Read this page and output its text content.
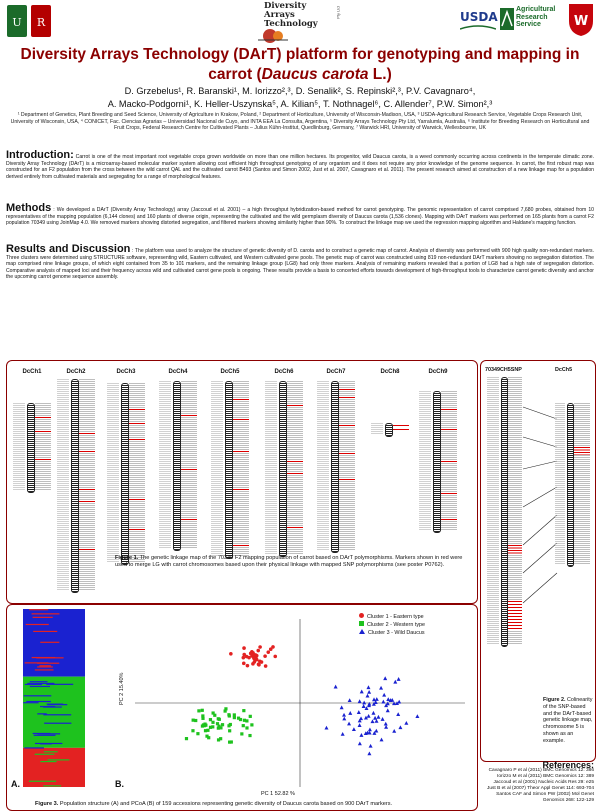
U R
Diversity
Arrays
Technology
Pty Ltd	USDA
Agricultural
Research
Service	W
Diversity Arrays Technology (DArT) platform for genotyping and mapping in
carrot (Daucus carota L.)
D. Grzebelus¹, R. Baranski¹, M. Iorizzo²,³, D. Senalik², S. Repinski²,³, P.V. Cavagnaro⁴,
A. Macko-Podgorni¹, K. Heller-Uszynska⁵, A. Kilian⁵, T. Nothnagel⁶, C. Allender⁷, P.W. Simon²,³
¹ Department of Genetics, Plant Breeding and Seed Science, University of Agriculture in Krakow, Poland, ² Department of Horticulture, University of Wisconsin-Madison, USA, ³ USDA-Agricultural Research Service, Vegetable Crops Research Unit, University of Wisconsin, USA, ⁴ CONICET, Fac. Ciencias Agrarias – Universidad Nacional de Cuyo, and INTA EEA La Consulta, Argentina, ⁵ Diversity Arrays Technology Pty Ltd, Yarralumla, Australia, ⁶ Institute for Breeding Research on Horticultural and Fruit Crops, Federal Research Centre for Cultivated Plants – Julius Kühn-Institut, Quedlinburg, Germany, ⁷ Warwick HRI, University of Warwick, Wellesbourne, UK
Introduction: Carrot is one of the most important root vegetable crops grown worldwide on more than one million hectares. Its progenitor, wild Daucus carota, is a weed commonly occurring across continents in the temperate climatic zone. Diversity Array Technology (DArT) is a microarray-based molecular marker system allowing cost efficient high throughput genotyping of any organism and it does not require any prior knowledge of the genome sequence. In carrot, the first robust map was constructed for an F2 population from the cross between the wild carrot QAL and the cultivated carrot B493 (Santos and Simon 2002, Just et al. 2007, Cavagnaro et al. 2011). The present research aimed at construction of a new linkage map for a population derived entirely from cultivated materials and segregating for a range of morphological features.
Methods : We developed a DArT (Diversity Array Technology) array (Jaccoud et al. 2001) – a high throughput hybridization-based method for carrot genotyping. The genomic representation of carrot comprised 7,680 probes, obtained from 10 representatives of the mapping population (6,144 clones) and 160 plants of diverse origin, representing the cultivated and the wild germplasm diversity of Daucus carota (1,536 clones). Mapping with DArT markers was performed on 165 plants from a carrot F2 population 70349 using JoinMap 4.0. We removed markers showing distorted segregation, and filtered markers showing similarity higher than 90%. To construct the linkage map we used the regression mapping algorithm and Haldane's mapping function.
Results and Discussion : The platform was used to analyze the structure of genetic diversity of D. carota and to construct a genetic map of carrot. Analysis of diversity was performed with 900 high quality non-redundant markers. Three clusters were determined using STRUCTURE software, representing wild, Eastern cultivated, and Western cultivated gene pools. The genetic map of carrot was constructed using 819 non-redundant DArT markers showing no segregation distortion. The map comprised nine linkage groups, of which eight contained from 35 to 101 markers, and the remaining linkage group (LG8) had only three markers. Analysis of remaining markers revealed that a portion of LG8 had a high rate of segregation distortion. Comparative analysis of mapped loci and their frequency across wild and cultivated carrot gene pools is ongoing. These results provide a basis to concerted efforts towards development of high-throughput tools to characterize carrot genetic diversity and anchor the upcoming carrot genome sequence assembly.
DcCh1	DcCh2	DcCh3	DcCh4	DcCh5	DcCh6	DcCh7	DcCh8	DcCh9
Figure 1. The genetic linkage map of the 70349 F2 mapping population of carrot based on DArT polymorphisms. Markers shown in red were used to merge LG with carrot chromosomes based upon their physical linkage with mapped SNP polymorphisms (see poster P0762).
70349CH5SNP	DcCh5
Figure 2. Colinearity of the SNP-based and the DArT-based genetic linkage map, chromosome 5 is shown as an example.
A.	B.
Cluster 1 - Eastern type
Cluster 2 - Western type
Cluster 3 - Wild Daucus
PC 1 52.82 %
PC 2 15.40%
Figure 3. Population structure (A) and PCoA (B) of 159 accessions representing genetic diversity of Daucus carota based on 900 DArT markers.
References:
Cavagnaro P et al (2011) BMC Genomics 12: 386
Iorizzo M et al (2011) BMC Genomics 12: 389
Jaccoud et al (2001) Nucleic Acids Res 29: e25
Just B et al (2007) Theor Appl Genet 114: 693-704
Santos CAF and Simon PW (2002) Mol Genet Genomics 268: 122-129
